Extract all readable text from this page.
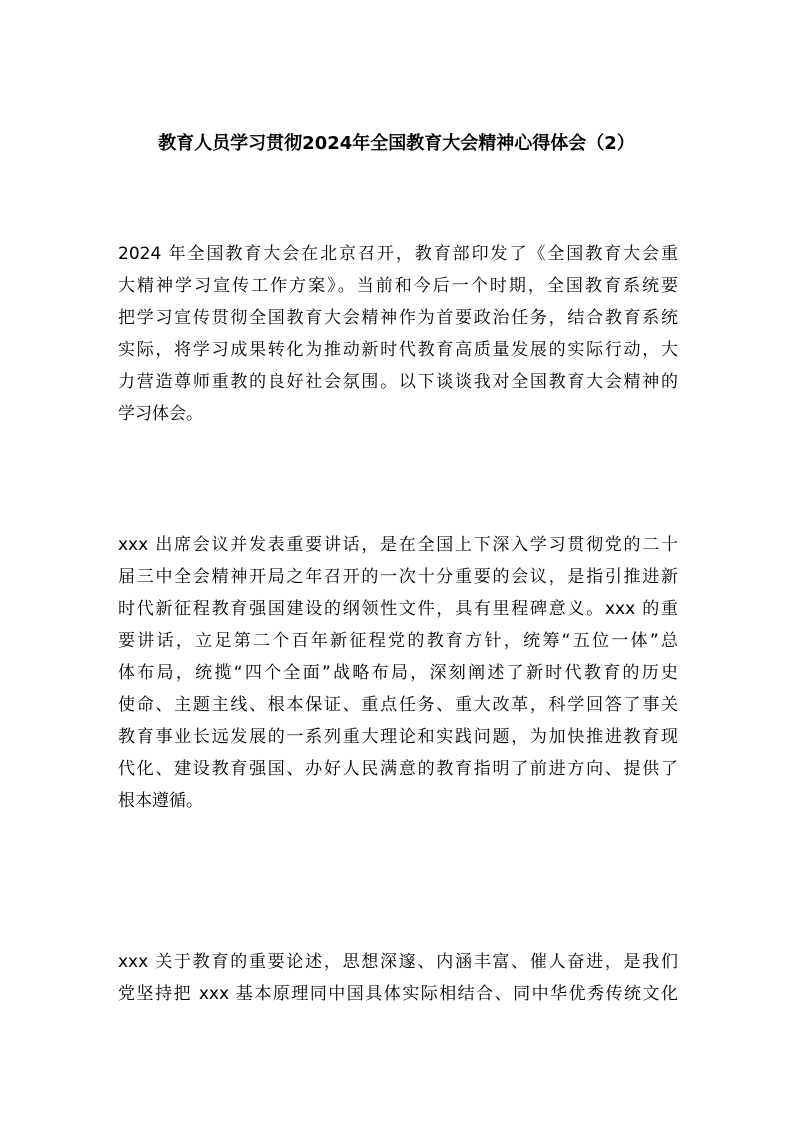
教育人员学习贯彻2024年全国教育大会精神心得体会（2）
2024 年全国教育大会在北京召开，教育部印发了《全国教育大会重
大精神学习宣传工作方案》。当前和今后一个时期，全国教育系统要
把学习宣传贯彻全国教育大会精神作为首要政治任务，结合教育系统
实际，将学习成果转化为推动新时代教育高质量发展的实际行动，大
力营造尊师重教的良好社会氛围。以下谈谈我对全国教育大会精神的
学习体会。
xxx 出席会议并发表重要讲话，是在全国上下深入学习贯彻党的二十
届三中全会精神开局之年召开的一次十分重要的会议，是指引推进新
时代新征程教育强国建设的纲领性文件，具有里程碑意义。xxx 的重
要讲话，立足第二个百年新征程党的教育方针，统筹“五位一体”总
体布局，统揽“四个全面”战略布局，深刻阐述了新时代教育的历史
使命、主题主线、根本保证、重点任务、重大改革，科学回答了事关
教育事业长远发展的一系列重大理论和实践问题，为加快推进教育现
代化、建设教育强国、办好人民满意的教育指明了前进方向、提供了
根本遵循。
xxx 关于教育的重要论述，思想深邃、内涵丰富、催人奋进，是我们
党坚持把 xxx 基本原理同中国具体实际相结合、同中华优秀传统文化
